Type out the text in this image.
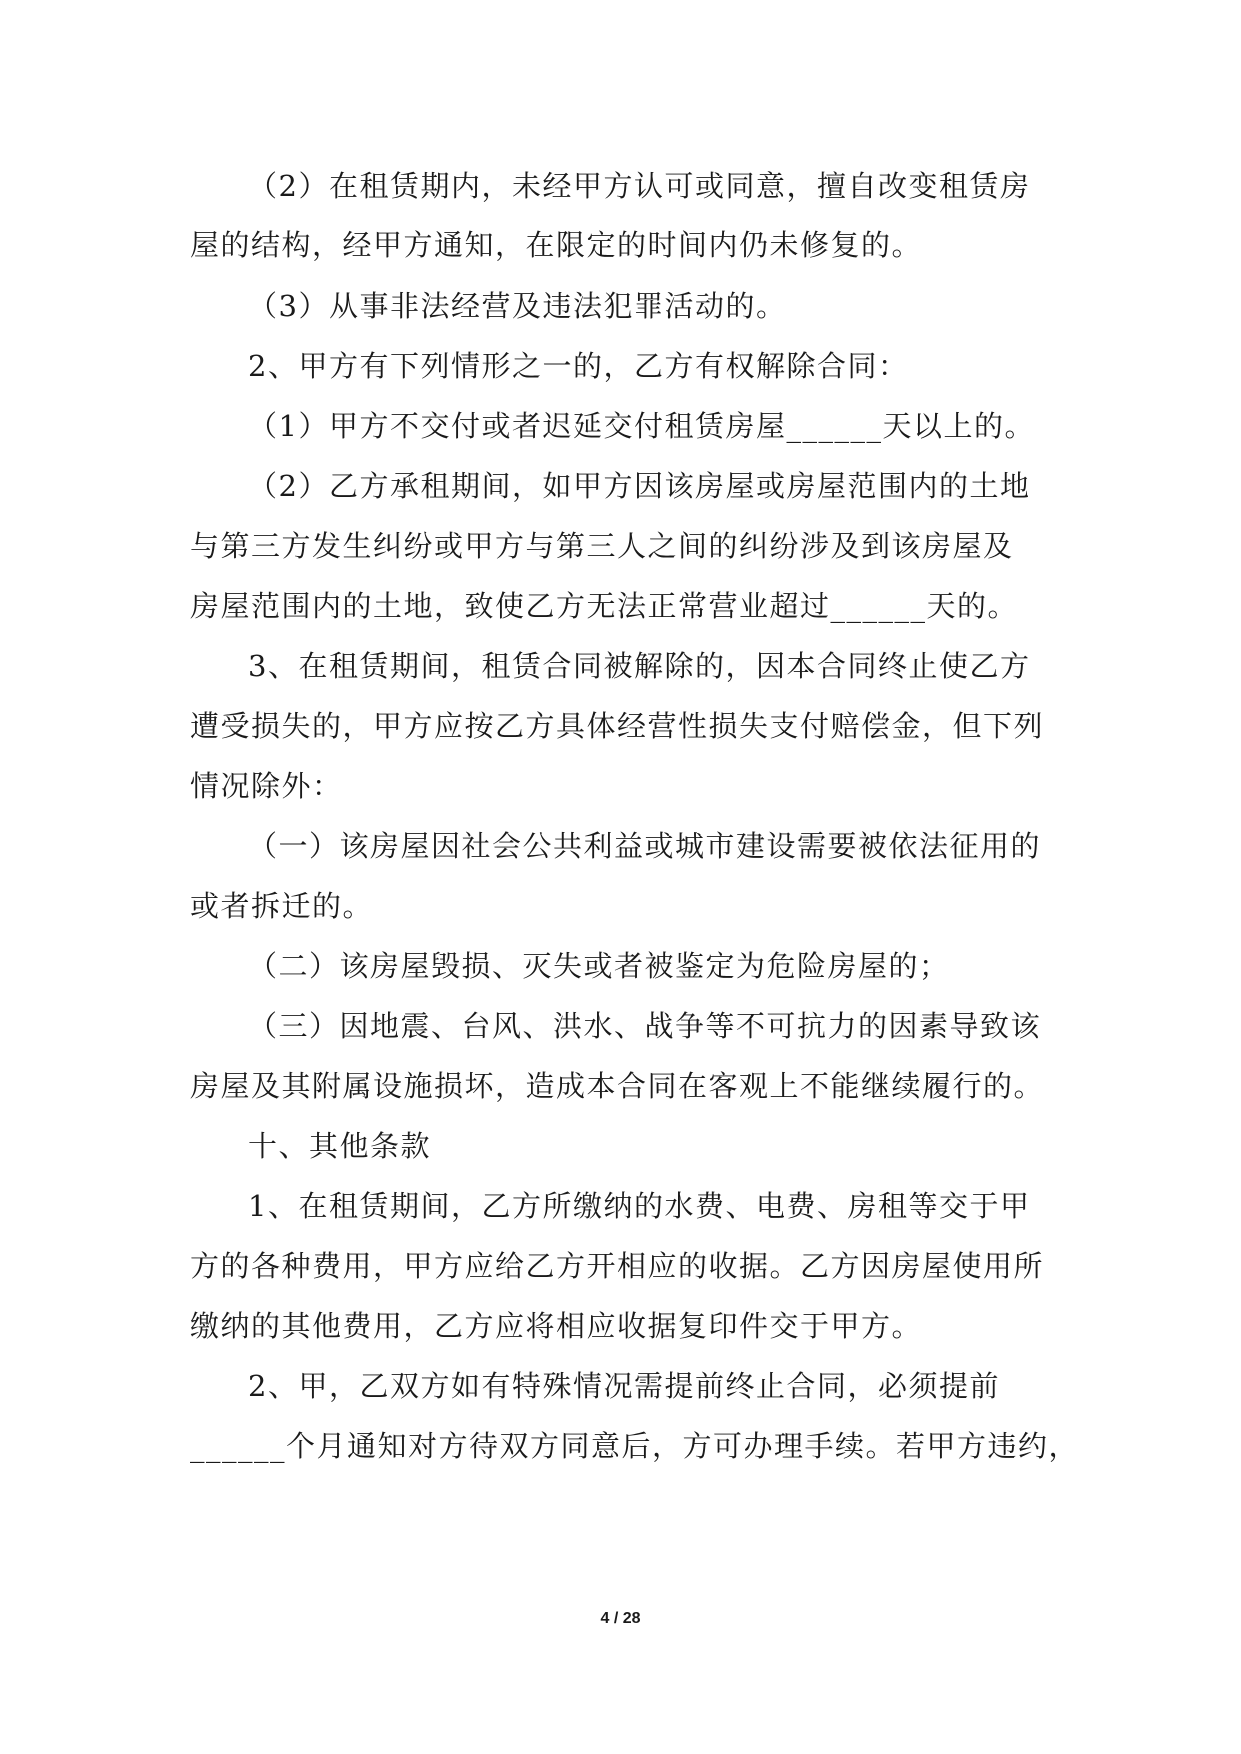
（2）在租赁期内，未经甲方认可或同意，擅自改变租赁房
屋的结构，经甲方通知，在限定的时间内仍未修复的。
（3）从事非法经营及违法犯罪活动的。
2、甲方有下列情形之一的，乙方有权解除合同：
（1）甲方不交付或者迟延交付租赁房屋______天以上的。
（2）乙方承租期间，如甲方因该房屋或房屋范围内的土地
与第三方发生纠纷或甲方与第三人之间的纠纷涉及到该房屋及
房屋范围内的土地，致使乙方无法正常营业超过______天的。
3、在租赁期间，租赁合同被解除的，因本合同终止使乙方
遭受损失的，甲方应按乙方具体经营性损失支付赔偿金，但下列
情况除外：
（一）该房屋因社会公共利益或城市建设需要被依法征用的
或者拆迁的。
（二）该房屋毁损、灭失或者被鉴定为危险房屋的；
（三）因地震、台风、洪水、战争等不可抗力的因素导致该
房屋及其附属设施损坏，造成本合同在客观上不能继续履行的。
十、其他条款
1、在租赁期间，乙方所缴纳的水费、电费、房租等交于甲
方的各种费用，甲方应给乙方开相应的收据。乙方因房屋使用所
缴纳的其他费用，乙方应将相应收据复印件交于甲方。
2、甲，乙双方如有特殊情况需提前终止合同，必须提前
______个月通知对方待双方同意后，方可办理手续。若甲方违约，
4 / 28
